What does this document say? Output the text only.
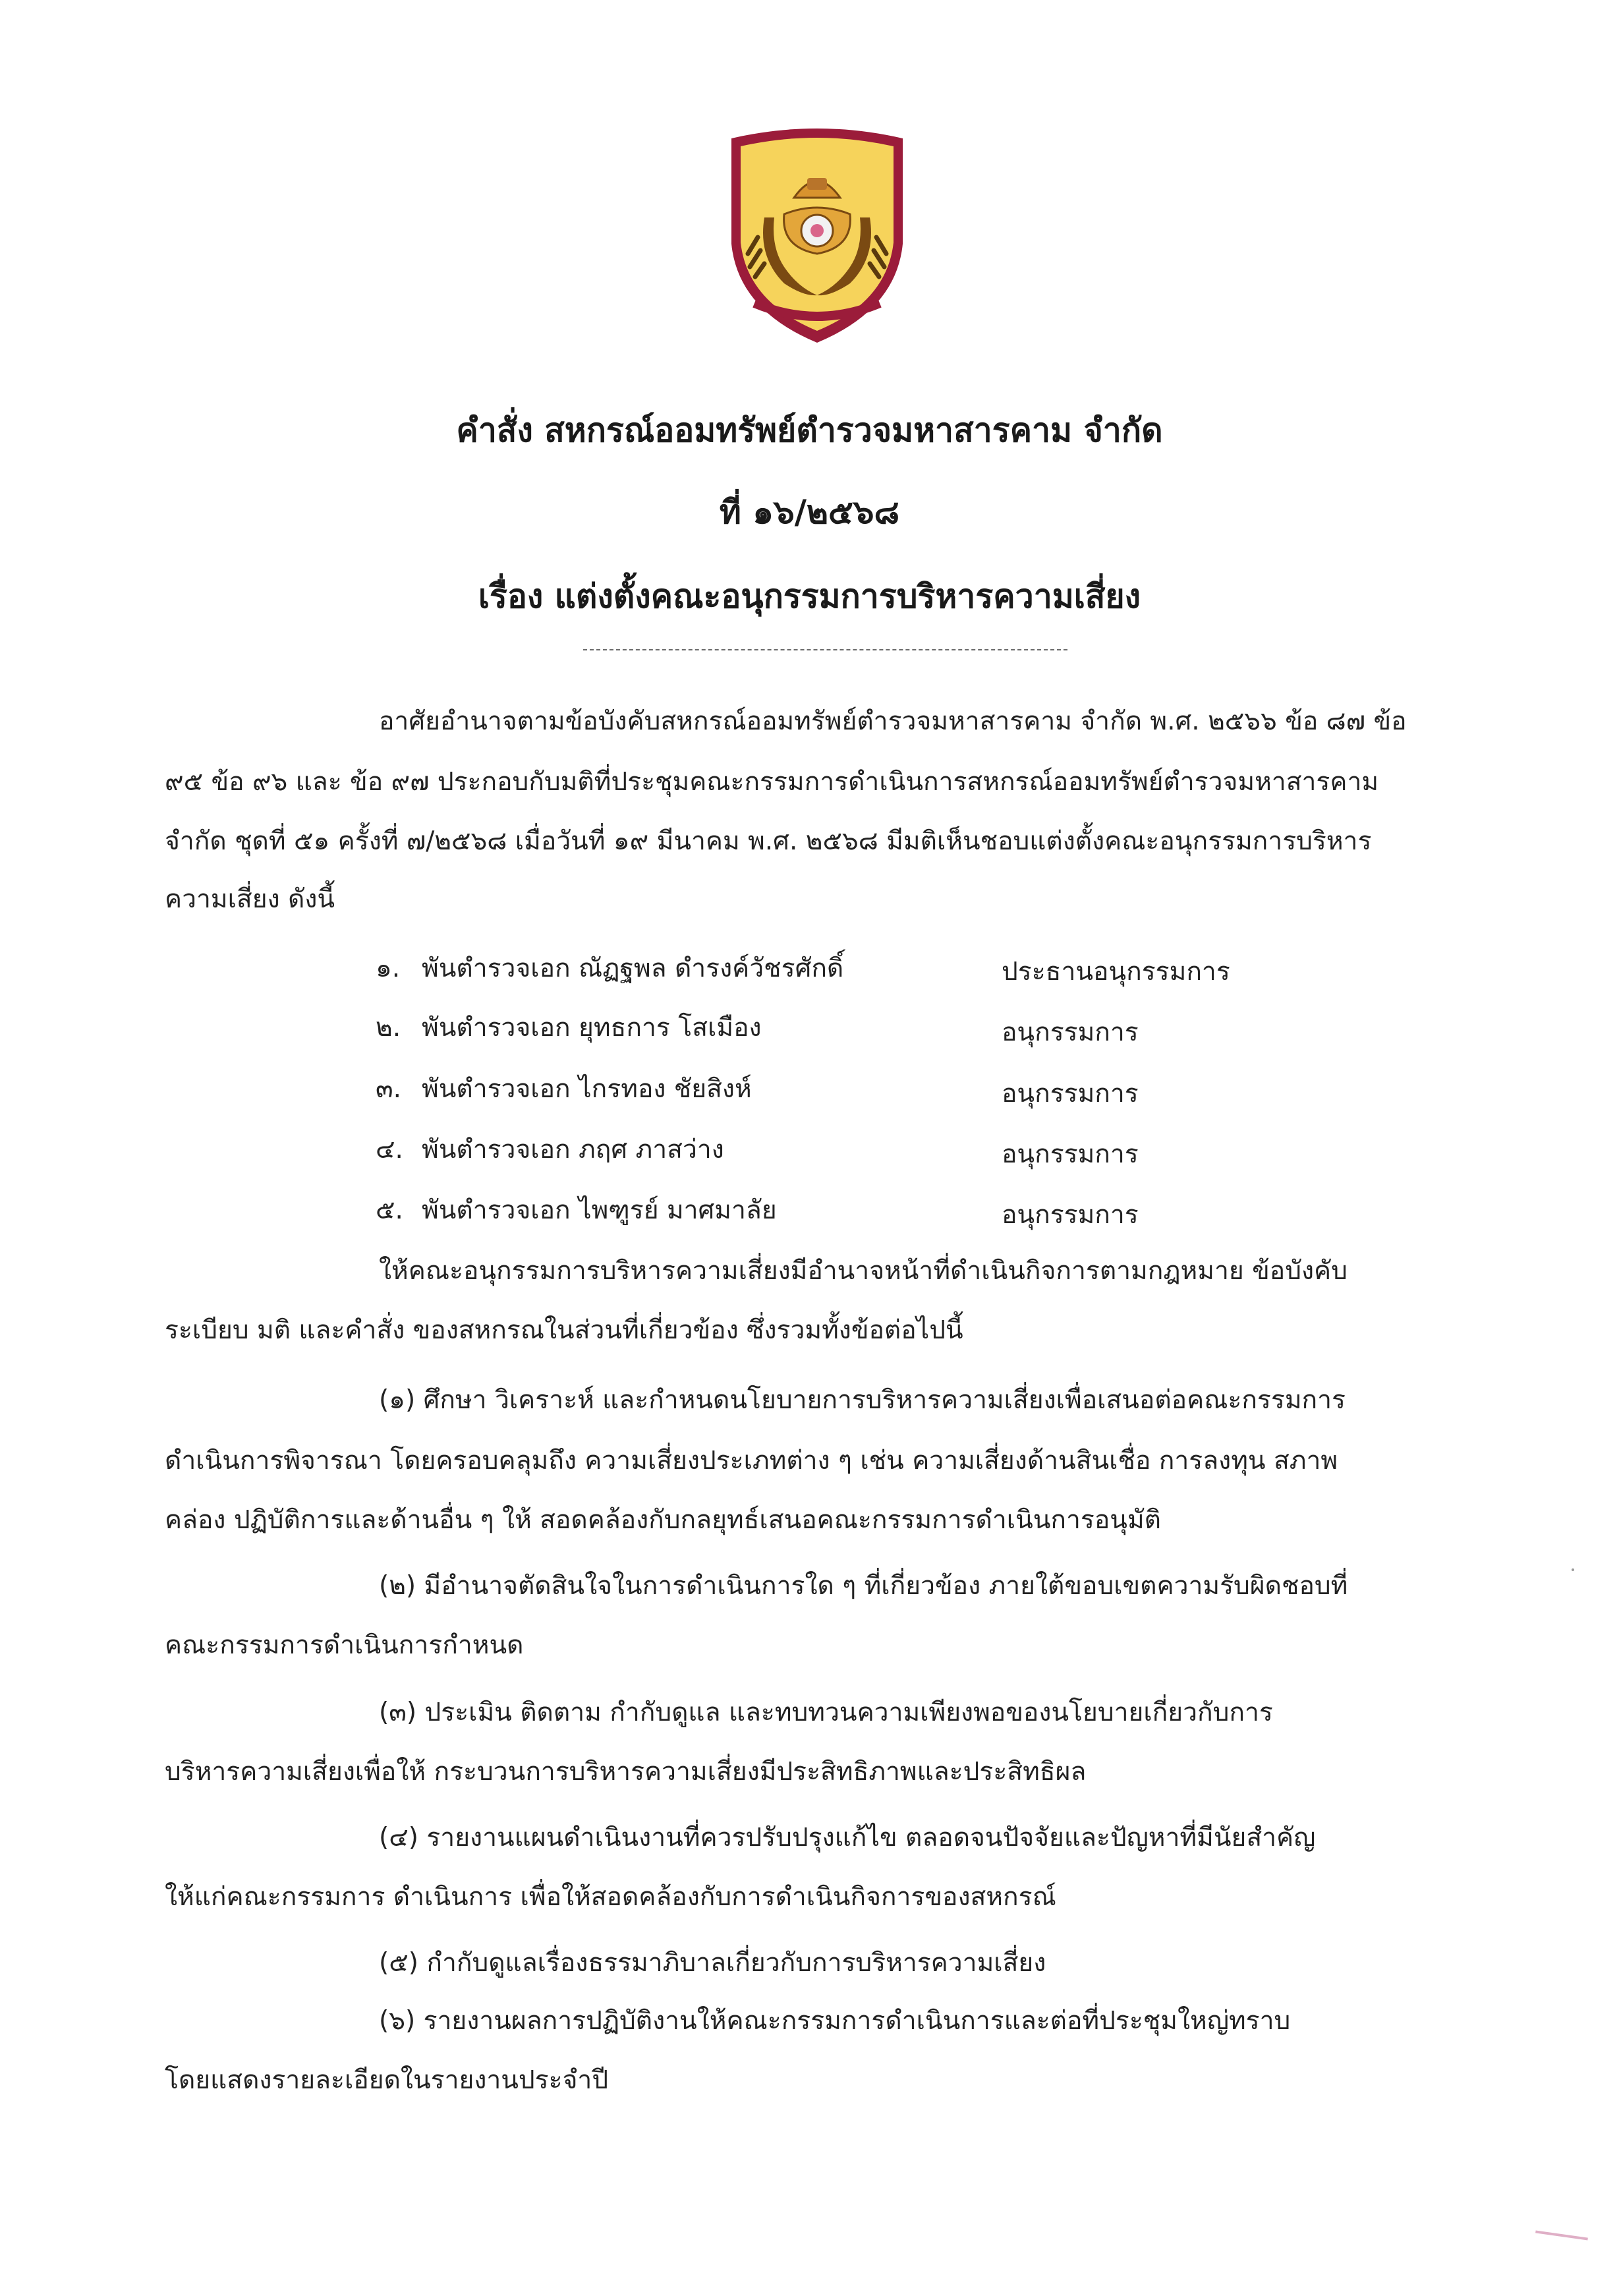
คำสั่ง สหกรณ์ออมทรัพย์ตำรวจมหาสารคาม จำกัด
ที่ ๑๖/๒๕๖๘
เรื่อง แต่งตั้งคณะอนุกรรมการบริหารความเสี่ยง
อาศัยอำนาจตามข้อบังคับสหกรณ์ออมทรัพย์ตำรวจมหาสารคาม จำกัด พ.ศ. ๒๕๖๖ ข้อ ๘๗ ข้อ
๙๕ ข้อ ๙๖ และ ข้อ ๙๗ ประกอบกับมติที่ประชุมคณะกรรมการดำเนินการสหกรณ์ออมทรัพย์ตำรวจมหาสารคาม
จำกัด ชุดที่ ๕๑ ครั้งที่ ๗/๒๕๖๘ เมื่อวันที่ ๑๙ มีนาคม พ.ศ. ๒๕๖๘ มีมติเห็นชอบแต่งตั้งคณะอนุกรรมการบริหาร
ความเสี่ยง ดังนี้
๑. พันตำรวจเอก ณัฏฐพล ดำรงค์วัชรศักดิ์	ประธานอนุกรรมการ
๒. พันตำรวจเอก ยุทธการ โสเมือง	อนุกรรมการ
๓. พันตำรวจเอก ไกรทอง ชัยสิงห์	อนุกรรมการ
๔. พันตำรวจเอก ภฤศ ภาสว่าง	อนุกรรมการ
๕. พันตำรวจเอก ไพฑูรย์ มาศมาลัย	อนุกรรมการ
ให้คณะอนุกรรมการบริหารความเสี่ยงมีอำนาจหน้าที่ดำเนินกิจการตามกฎหมาย ข้อบังคับ
ระเบียบ มติ และคำสั่ง ของสหกรณในส่วนที่เกี่ยวข้อง ซึ่งรวมทั้งข้อต่อไปนี้
(๑) ศึกษา วิเคราะห์ และกำหนดนโยบายการบริหารความเสี่ยงเพื่อเสนอต่อคณะกรรมการ
ดำเนินการพิจารณา โดยครอบคลุมถึง ความเสี่ยงประเภทต่าง ๆ เช่น ความเสี่ยงด้านสินเชื่อ การลงทุน สภาพ
คล่อง ปฏิบัติการและด้านอื่น ๆ ให้ สอดคล้องกับกลยุทธ์เสนอคณะกรรมการดำเนินการอนุมัติ
(๒) มีอำนาจตัดสินใจในการดำเนินการใด ๆ ที่เกี่ยวข้อง ภายใต้ขอบเขตความรับผิดชอบที่
คณะกรรมการดำเนินการกำหนด
(๓) ประเมิน ติดตาม กำกับดูแล และทบทวนความเพียงพอของนโยบายเกี่ยวกับการ
บริหารความเสี่ยงเพื่อให้ กระบวนการบริหารความเสี่ยงมีประสิทธิภาพและประสิทธิผล
(๔) รายงานแผนดำเนินงานที่ควรปรับปรุงแก้ไข ตลอดจนปัจจัยและปัญหาที่มีนัยสำคัญ
ให้แก่คณะกรรมการ ดำเนินการ เพื่อให้สอดคล้องกับการดำเนินกิจการของสหกรณ์
(๕) กำกับดูแลเรื่องธรรมาภิบาลเกี่ยวกับการบริหารความเสี่ยง
(๖) รายงานผลการปฏิบัติงานให้คณะกรรมการดำเนินการและต่อที่ประชุมใหญ่ทราบ
โดยแสดงรายละเอียดในรายงานประจำปี
